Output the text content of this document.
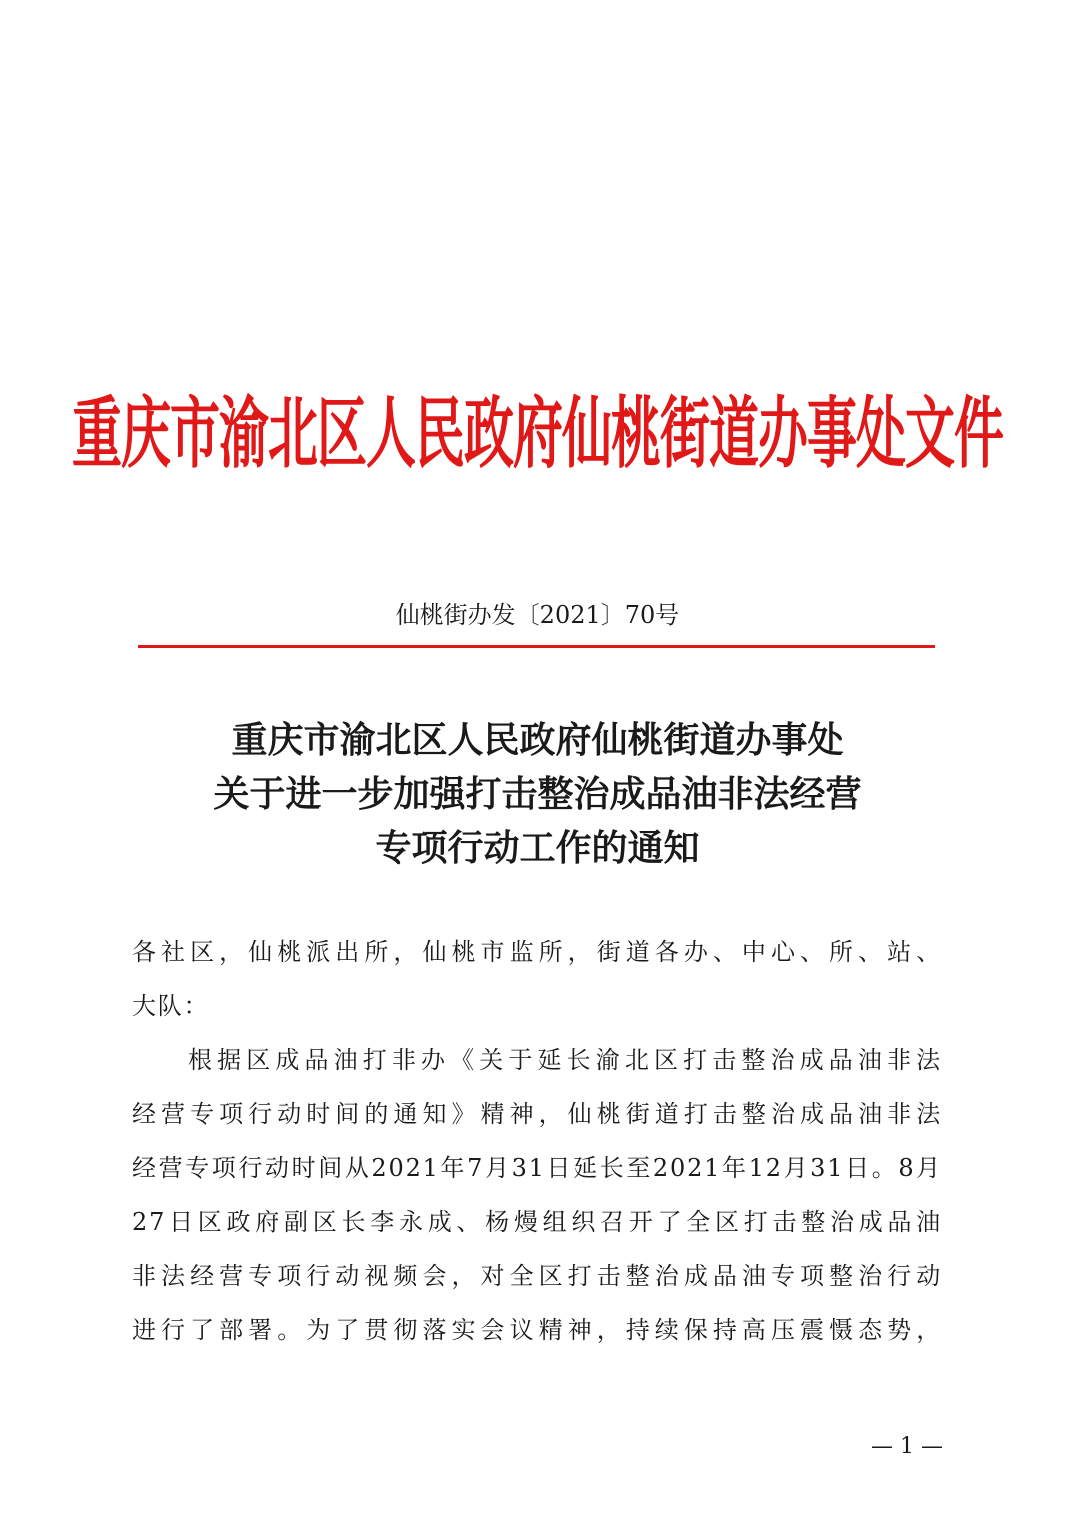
重庆市渝北区人民政府仙桃街道办事处文件
仙桃街办发〔2021〕70号
重庆市渝北区人民政府仙桃街道办事处
关于进一步加强打击整治成品油非法经营
专项行动工作的通知
各社区，仙桃派出所，仙桃市监所，街道各办、中心、所、站、
大队：
根据区成品油打非办《关于延长渝北区打击整治成品油非法
经营专项行动时间的通知》精神，仙桃街道打击整治成品油非法
经营专项行动时间从2021年7月31日延长至2021年12月31日。8月
27日区政府副区长李永成、杨熳组织召开了全区打击整治成品油
非法经营专项行动视频会，对全区打击整治成品油专项整治行动
进行了部署。为了贯彻落实会议精神，持续保持高压震慑态势，
— 1 —
